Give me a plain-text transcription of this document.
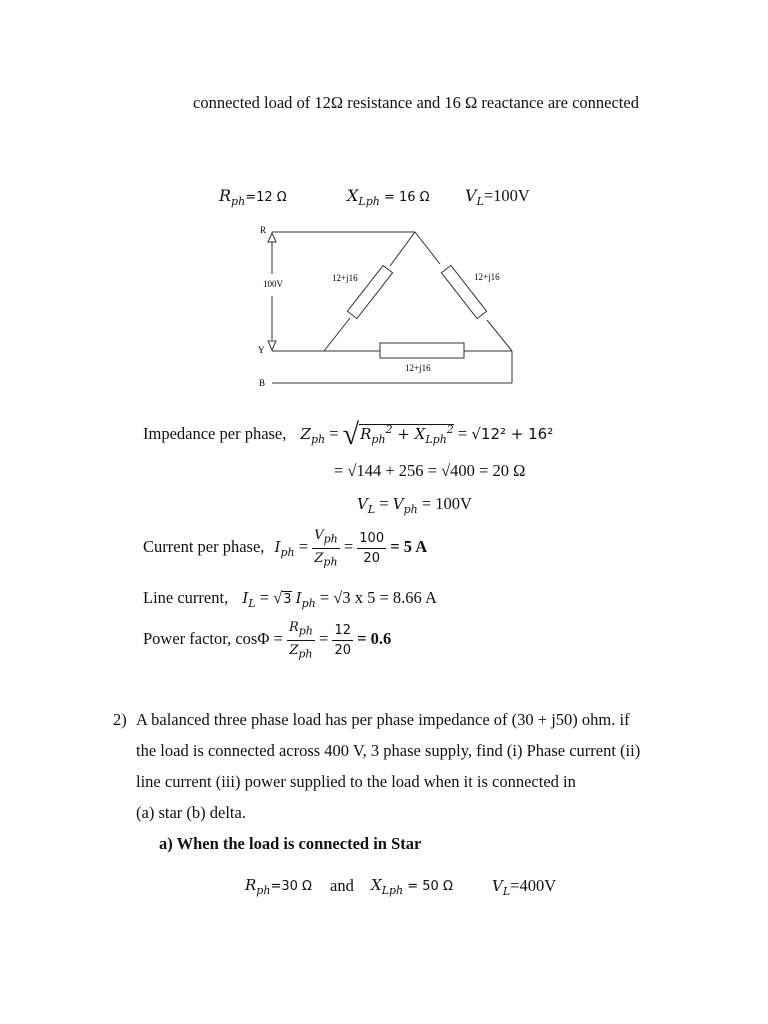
connected load of 12Ω resistance and 16 Ω reactance are connected
$R_{ph}=12$ Ω	$X_{Lph} = 16$ Ω $V_L=100V$
R
Y
B
100V
12+j16	12+j16
12+j16
Impedance per phase, $Z_{ph} = √R_{ph}^2 + X_{Lph}^2 = √12^2 + 16^2$
= √144 + 256 = √400 = 20 Ω
$V_L = V_{ph} = 100V$
Current per phase, $I_{ph} = \frac{V_{ph}}{Z_{ph}} = \frac{100}{20} = 5$ A
Line current, $I_L = √3$ $I_{ph} = √3$ x 5 = 8.66 A
Power factor, $\cos\Phi = \frac{R_{ph}}{Z_{ph}} = \frac{12}{20} = 0.6$
2) A balanced three phase load has per phase impedance of (30 + j50) ohm. if
the load is connected across 400 V, 3 phase supply, find (i) Phase current (ii)
line current (iii) power supplied to the load when it is connected in
(a) star (b) delta.
a) When the load is connected in Star
$R_{ph}=30$ Ω and $X_{Lph} = 50$ Ω	$V_L=400V$
